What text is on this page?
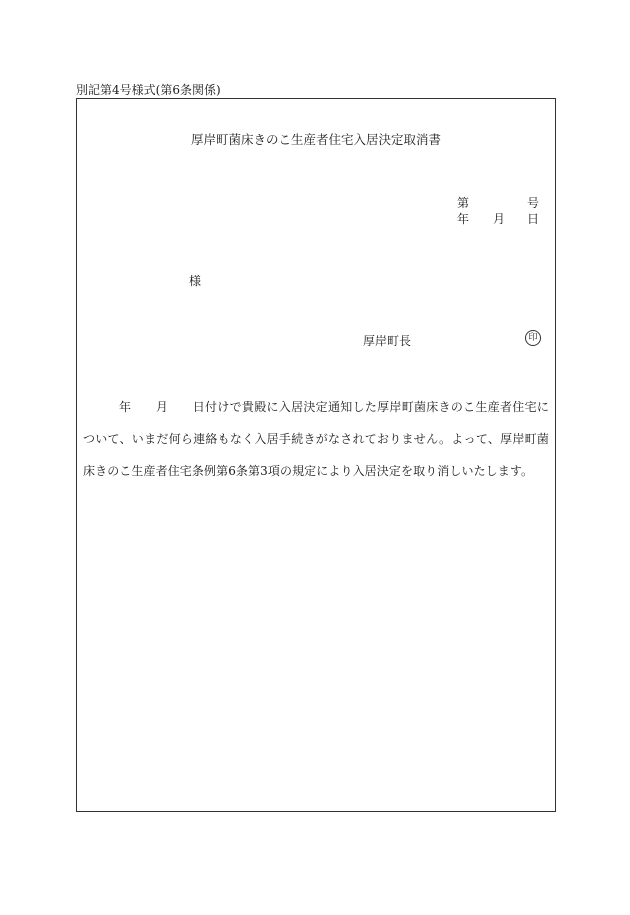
別記第4号様式(第6条関係)
厚岸町菌床きのこ生産者住宅入居決定取消書
第	号
年 月 日
様
厚岸町長	印
年　　月　　日付けで貴殿に入居決定通知した厚岸町菌床きのこ生産者住宅について、いまだ何ら連絡もなく入居手続きがなされておりません。よって、厚岸町菌床きのこ生産者住宅条例第6条第3項の規定により入居決定を取り消しいたします。
